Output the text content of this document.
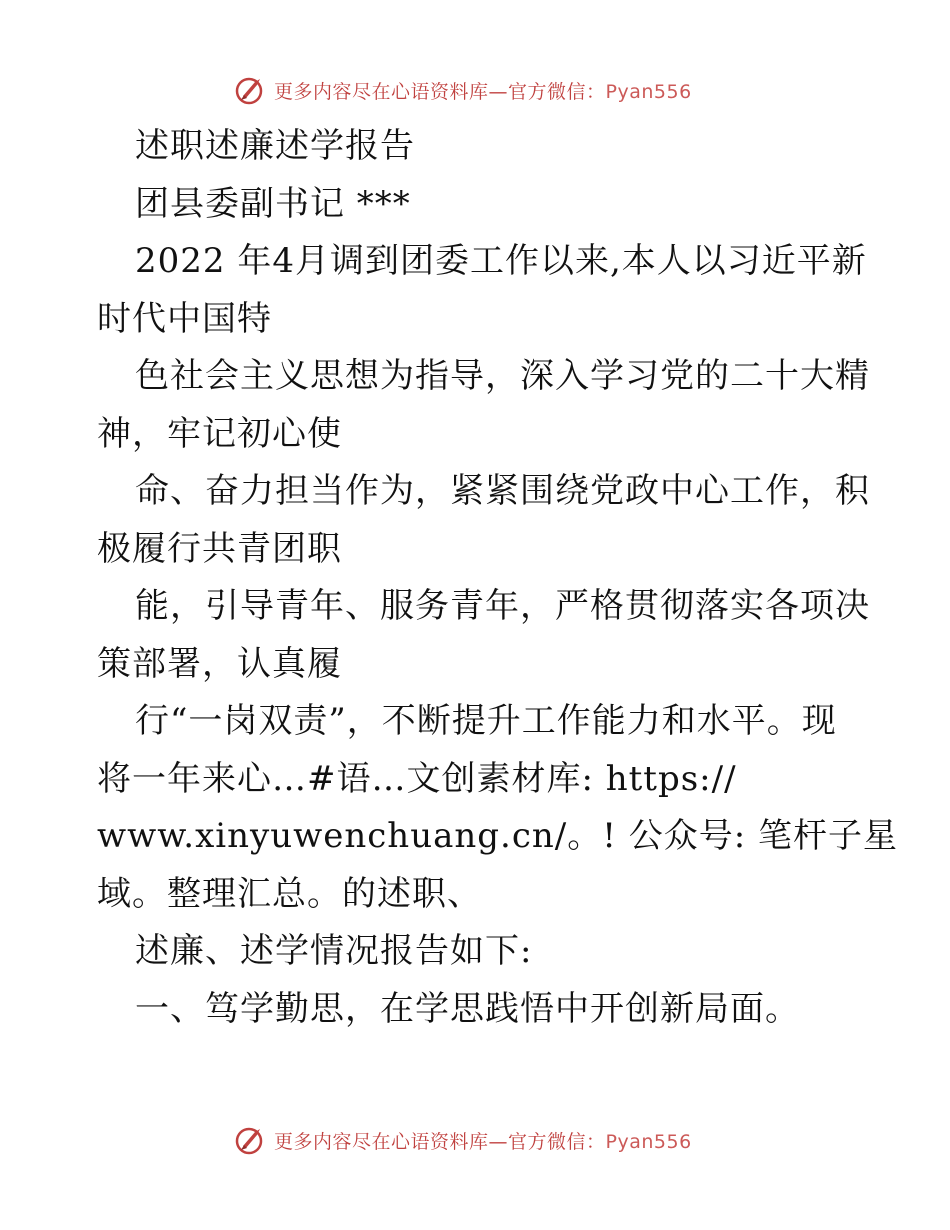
更多内容尽在心语资料库—官方微信：Pyan556
述职述廉述学报告
团县委副书记 ***
2022 年4月调到团委工作以来,本人以习近平新
时代中国特
色社会主义思想为指导，深入学习党的二十大精
神，牢记初心使
命、奋力担当作为，紧紧围绕党政中心工作，积
极履行共青团职
能，引导青年、服务青年，严格贯彻落实各项决
策部署，认真履
行“一岗双责”，不断提升工作能力和水平。现
将一年来心…#语…文创素材库: https://
www.xinyuwenchuang.cn/。! 公众号: 笔杆子星
域。整理汇总。的述职、
述廉、述学情况报告如下:
一、笃学勤思，在学思践悟中开创新局面。
更多内容尽在心语资料库—官方微信：Pyan556
